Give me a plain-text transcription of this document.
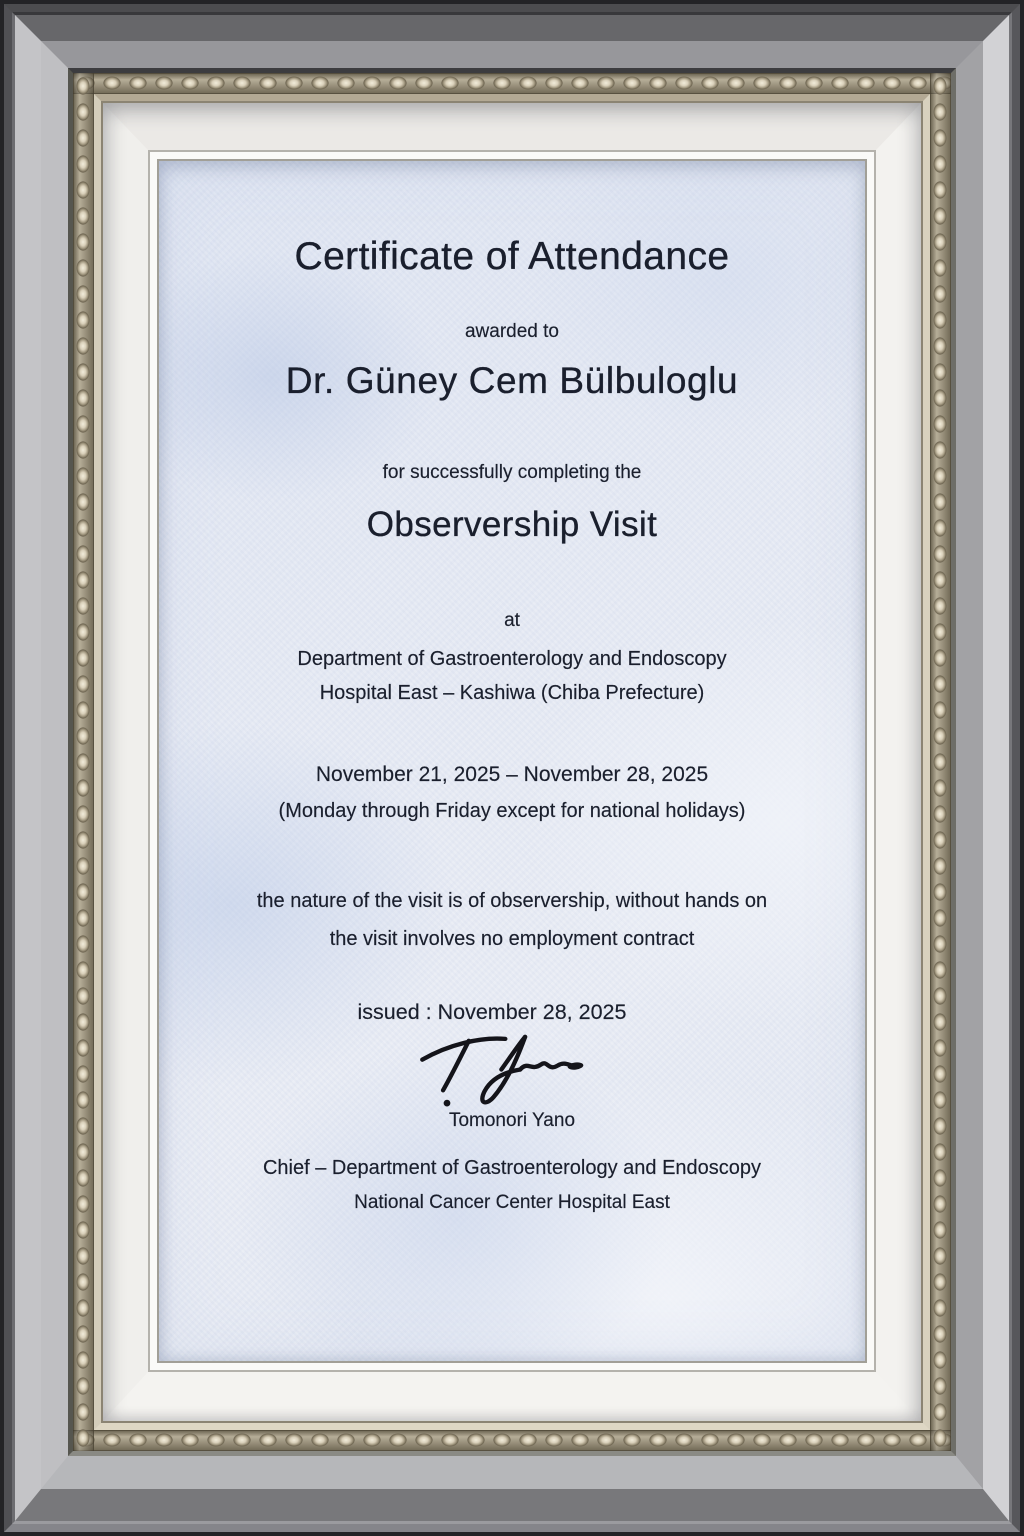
Certificate of Attendance
awarded to
Dr. Güney Cem Bülbuloglu
for successfully completing the
Observership Visit
at
Department of Gastroenterology and Endoscopy
Hospital East – Kashiwa (Chiba Prefecture)
November 21, 2025 – November 28, 2025
(Monday through Friday except for national holidays)
the nature of the visit is of observership, without hands on
the visit involves no employment contract
issued : November 28, 2025
Tomonori Yano
Chief – Department of Gastroenterology and Endoscopy
National Cancer Center Hospital East
